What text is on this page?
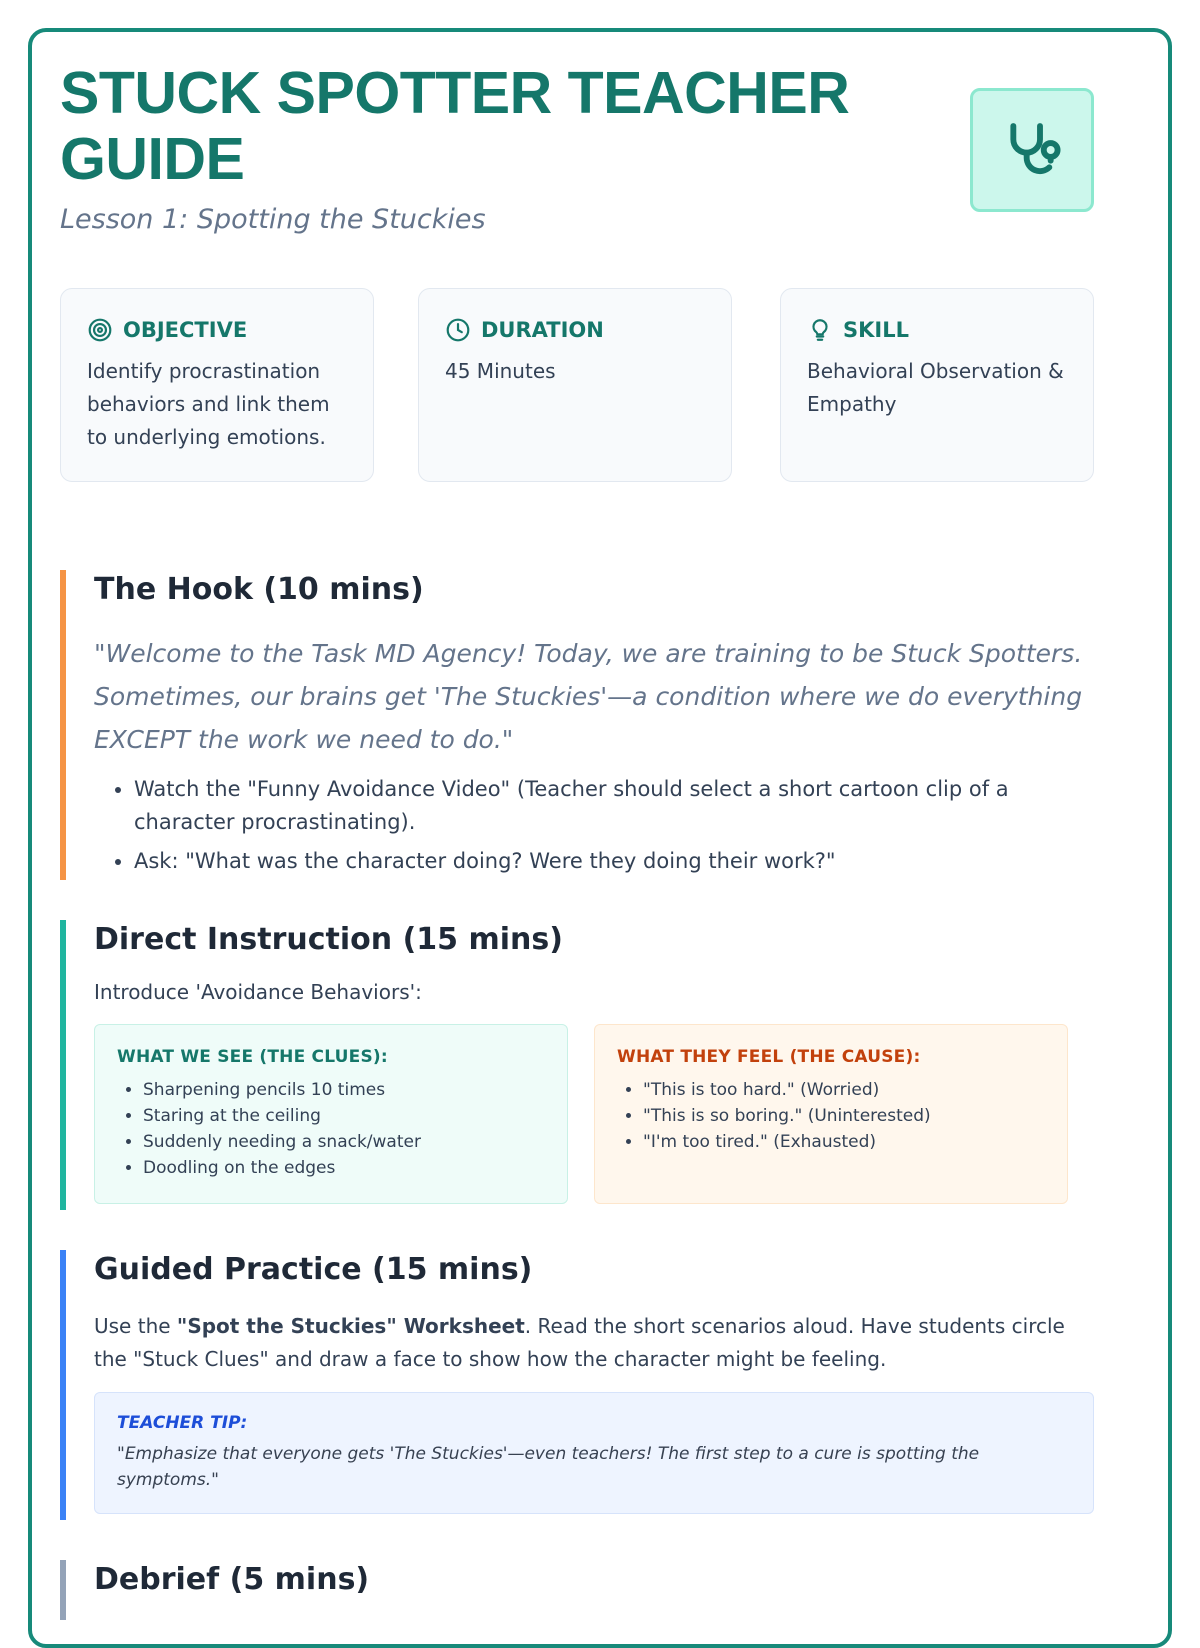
STUCK SPOTTER TEACHER GUIDE
Lesson 1: Spotting the Stuckies
OBJECTIVE
Identify procrastination behaviors and link them to underlying emotions.
DURATION
45 Minutes
SKILL
Behavioral Observation & Empathy
The Hook (10 mins)
"Welcome to the Task MD Agency! Today, we are training to be Stuck Spotters. Sometimes, our brains get 'The Stuckies'—a condition where we do everything EXCEPT the work we need to do."
• Watch the "Funny Avoidance Video" (Teacher should select a short cartoon clip of a character procrastinating).
• Ask: "What was the character doing? Were they doing their work?"
Direct Instruction (15 mins)
Introduce 'Avoidance Behaviors':
WHAT WE SEE (THE CLUES):
• Sharpening pencils 10 times
• Staring at the ceiling
• Suddenly needing a snack/water
• Doodling on the edges
WHAT THEY FEEL (THE CAUSE):
• "This is too hard." (Worried)
• "This is so boring." (Uninterested)
• "I'm too tired." (Exhausted)
Guided Practice (15 mins)
Use the "Spot the Stuckies" Worksheet. Read the short scenarios aloud. Have students circle the "Stuck Clues" and draw a face to show how the character might be feeling.
TEACHER TIP:
"Emphasize that everyone gets 'The Stuckies'—even teachers! The first step to a cure is spotting the symptoms."
Debrief (5 mins)
